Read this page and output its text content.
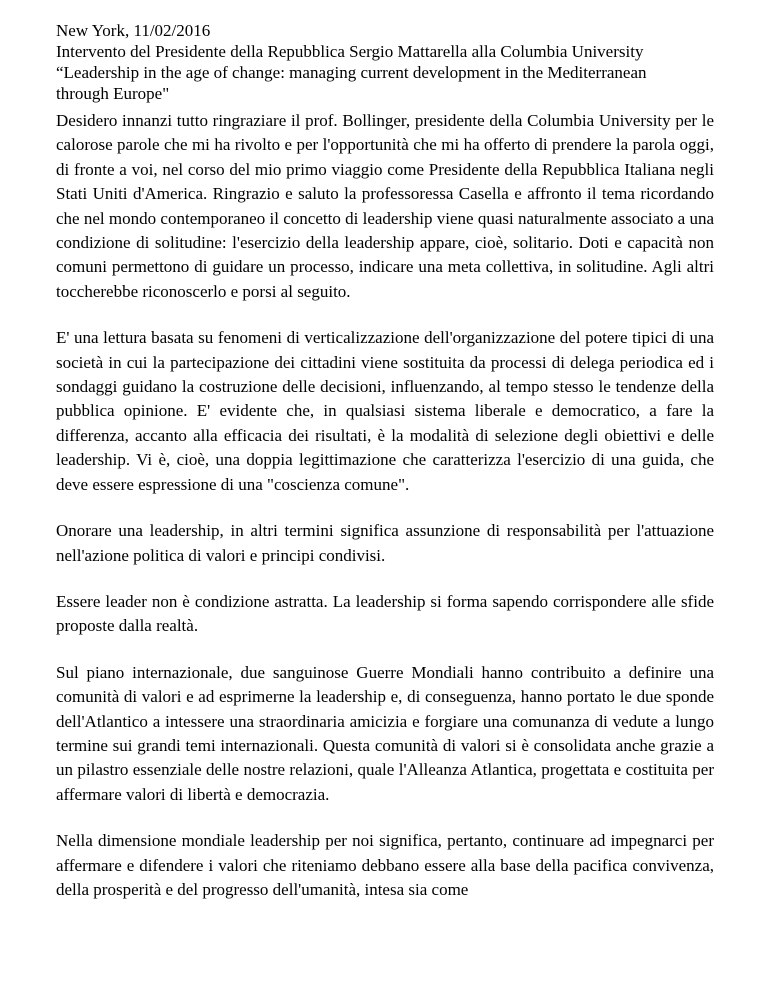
New York, 11/02/2016
Intervento del Presidente della Repubblica Sergio Mattarella alla Columbia University
“Leadership in the age of change: managing current development in the Mediterranean
through Europe"

Desidero innanzi tutto ringraziare il prof. Bollinger, presidente della Columbia University per le calorose parole che mi ha rivolto e per l'opportunità che mi ha offerto di prendere la parola oggi, di fronte a voi, nel corso del mio primo viaggio come Presidente della Repubblica Italiana negli Stati Uniti d'America. Ringrazio e saluto la professoressa Casella e affronto il tema ricordando che nel mondo contemporaneo il concetto di leadership viene quasi naturalmente associato a una condizione di solitudine: l'esercizio della leadership appare, cioè, solitario. Doti e capacità non comuni permettono di guidare un processo, indicare una meta collettiva, in solitudine. Agli altri toccherebbe riconoscerlo e porsi al seguito.

E' una lettura basata su fenomeni di verticalizzazione dell'organizzazione del potere tipici di una società in cui la partecipazione dei cittadini viene sostituita da processi di delega periodica ed i sondaggi guidano la costruzione delle decisioni, influenzando, al tempo stesso le tendenze della pubblica opinione. E' evidente che, in qualsiasi sistema liberale e democratico, a fare la differenza, accanto alla efficacia dei risultati, è la modalità di selezione degli obiettivi e delle leadership. Vi è, cioè, una doppia legittimazione che caratterizza l'esercizio di una guida, che deve essere espressione di una "coscienza comune".

Onorare una leadership, in altri termini significa assunzione di responsabilità per l'attuazione nell'azione politica di valori e principi condivisi.

Essere leader non è condizione astratta. La leadership si forma sapendo corrispondere alle sfide proposte dalla realtà.

Sul piano internazionale, due sanguinose Guerre Mondiali hanno contribuito a definire una comunità di valori e ad esprimerne la leadership e, di conseguenza, hanno portato le due sponde dell'Atlantico a intessere una straordinaria amicizia e forgiare una comunanza di vedute a lungo termine sui grandi temi internazionali. Questa comunità di valori si è consolidata anche grazie a un pilastro essenziale delle nostre relazioni, quale l'Alleanza Atlantica, progettata e costituita per affermare valori di libertà e democrazia.

Nella dimensione mondiale leadership per noi significa, pertanto, continuare ad impegnarci per affermare e difendere i valori che riteniamo debbano essere alla base della pacifica convivenza, della prosperità e del progresso dell'umanità, intesa sia come
